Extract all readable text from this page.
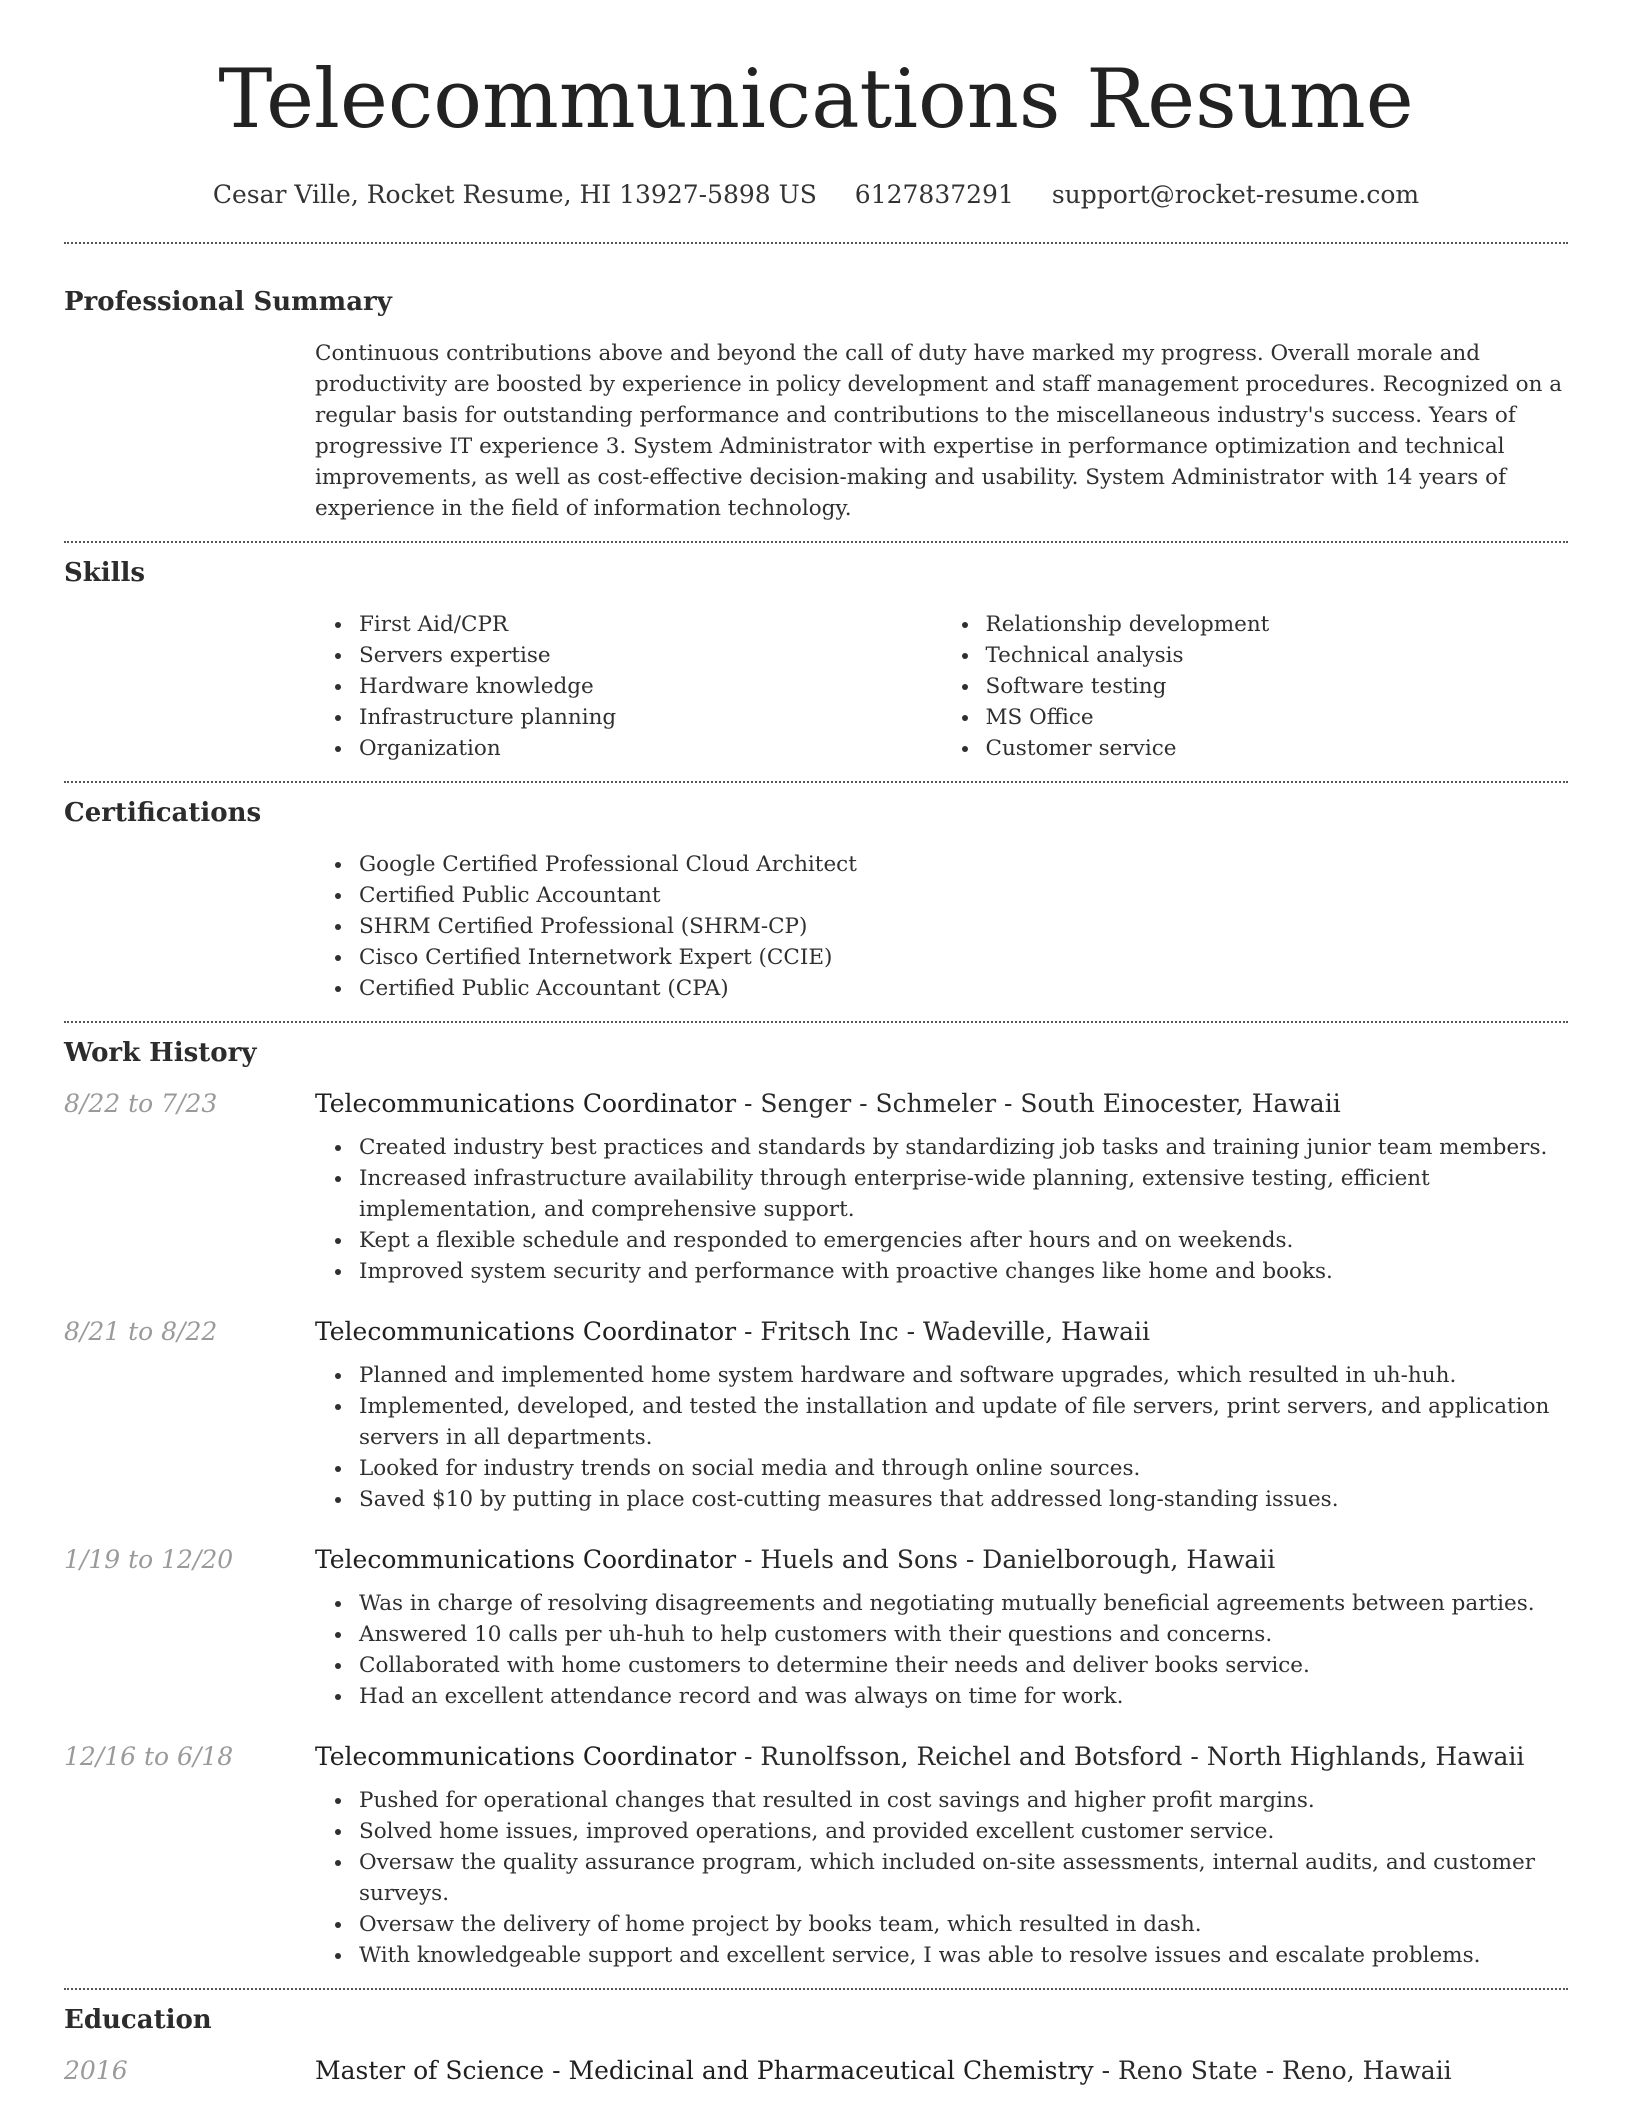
Telecommunications Resume
Cesar Ville, Rocket Resume, HI 13927-5898 US 6127837291 support@rocket-resume.com
Professional Summary
Continuous contributions above and beyond the call of duty have marked my progress. Overall morale and productivity are boosted by experience in policy development and staff management procedures. Recognized on a regular basis for outstanding performance and contributions to the miscellaneous industry's success. Years of progressive IT experience 3. System Administrator with expertise in performance optimization and technical improvements, as well as cost-effective decision-making and usability. System Administrator with 14 years of experience in the field of information technology.
Skills
First Aid/CPR
Servers expertise
Hardware knowledge
Infrastructure planning
Organization
Relationship development
Technical analysis
Software testing
MS Office
Customer service
Certifications
Google Certified Professional Cloud Architect
Certified Public Accountant
SHRM Certified Professional (SHRM-CP)
Cisco Certified Internetwork Expert (CCIE)
Certified Public Accountant (CPA)
Work History
8/22 to 7/23	Telecommunications Coordinator - Senger - Schmeler - South Einocester, Hawaii
Created industry best practices and standards by standardizing job tasks and training junior team members.
Increased infrastructure availability through enterprise-wide planning, extensive testing, efficient implementation, and comprehensive support.
Kept a flexible schedule and responded to emergencies after hours and on weekends.
Improved system security and performance with proactive changes like home and books.
8/21 to 8/22	Telecommunications Coordinator - Fritsch Inc - Wadeville, Hawaii
Planned and implemented home system hardware and software upgrades, which resulted in uh-huh.
Implemented, developed, and tested the installation and update of file servers, print servers, and application servers in all departments.
Looked for industry trends on social media and through online sources.
Saved $10 by putting in place cost-cutting measures that addressed long-standing issues.
1/19 to 12/20	Telecommunications Coordinator - Huels and Sons - Danielborough, Hawaii
Was in charge of resolving disagreements and negotiating mutually beneficial agreements between parties.
Answered 10 calls per uh-huh to help customers with their questions and concerns.
Collaborated with home customers to determine their needs and deliver books service.
Had an excellent attendance record and was always on time for work.
12/16 to 6/18	Telecommunications Coordinator - Runolfsson, Reichel and Botsford - North Highlands, Hawaii
Pushed for operational changes that resulted in cost savings and higher profit margins.
Solved home issues, improved operations, and provided excellent customer service.
Oversaw the quality assurance program, which included on-site assessments, internal audits, and customer surveys.
Oversaw the delivery of home project by books team, which resulted in dash.
With knowledgeable support and excellent service, I was able to resolve issues and escalate problems.
Education
2016	Master of Science - Medicinal and Pharmaceutical Chemistry - Reno State - Reno, Hawaii
